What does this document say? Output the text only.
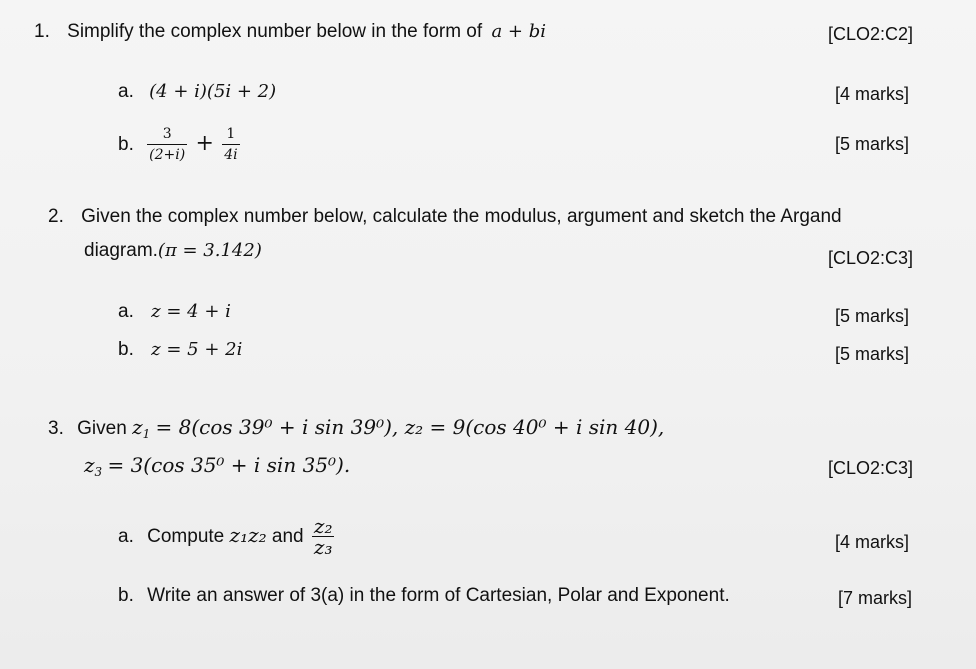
1. Simplify the complex number below in the form of a + bi	[CLO2:C2]
a. (4 + i)(5i + 2)	[4 marks]
b. $\frac{3}{(2+i)} + \frac{1}{4i}$	[5 marks]
2. Given the complex number below, calculate the modulus, argument and sketch the Argand
diagram.(π = 3.142)	[CLO2:C3]
a. z = 4 + i	[5 marks]
b. z = 5 + 2i	[5 marks]
3. Given $z_1 = 8(\cos$ 39⁰ + i sin 39⁰), z₂ = 9(cos 40⁰ + i sin 40),
$z_3 = 3(\cos$ 35⁰ + i sin 35⁰).	[CLO2:C3]
a. Compute z₁z₂ and $\frac{\text{z₂}}{\text{z₃}}$	[4 marks]
b. Write an answer of 3(a) in the form of Cartesian, Polar and Exponent.	[7 marks]
